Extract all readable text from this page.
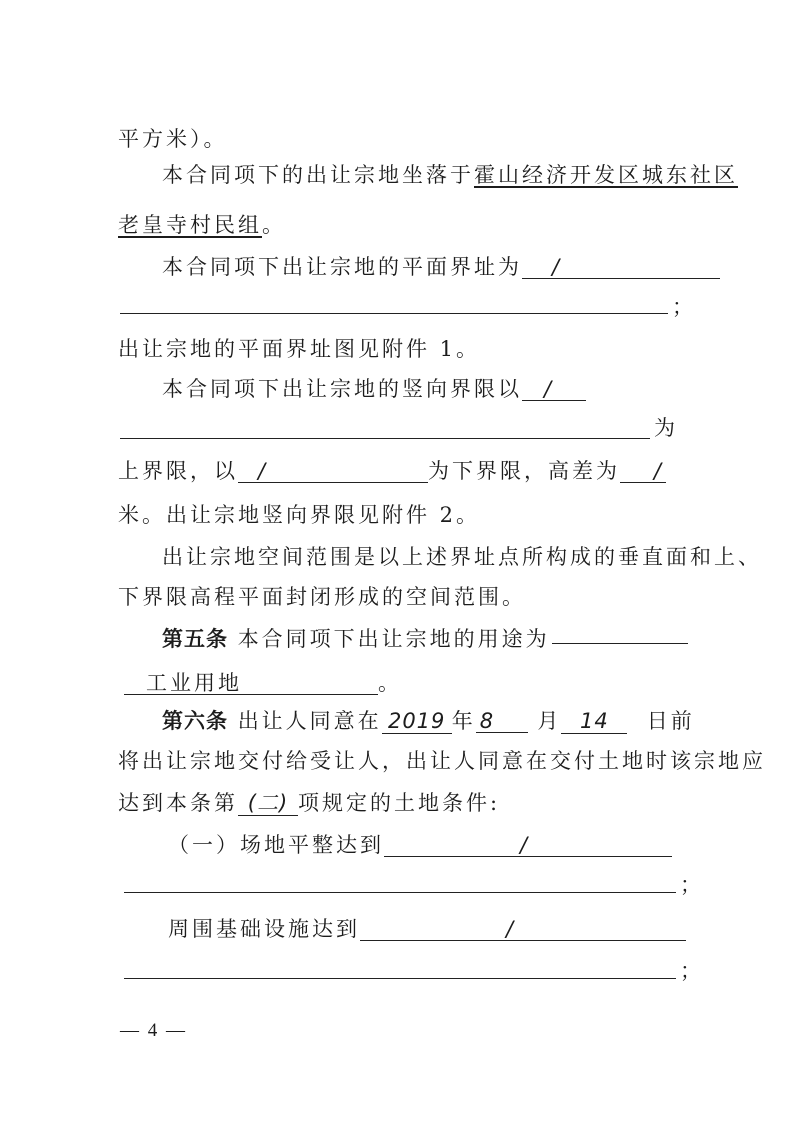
平方米）。
本合同项下的出让宗地坐落于霍山经济开发区城东社区
老皇寺村民组。
本合同项下出让宗地的平面界址为 /
；
出让宗地的平面界址图见附件 1。
本合同项下出让宗地的竖向界限以 /
为
上界限，以 /	为下界限，高差为 /
米。出让宗地竖向界限见附件 2。
出让宗地空间范围是以上述界址点所构成的垂直面和上、
下界限高程平面封闭形成的空间范围。
第五条 本合同项下出让宗地的用途为
工业用地	。
第六条 出让人同意在 2019 年 8 月 14 日前
将出让宗地交付给受让人，出让人同意在交付土地时该宗地应
达到本条第 (二) 项规定的土地条件:
（一）场地平整达到	/
；
周围基础设施达到	/
；
— 4 —
